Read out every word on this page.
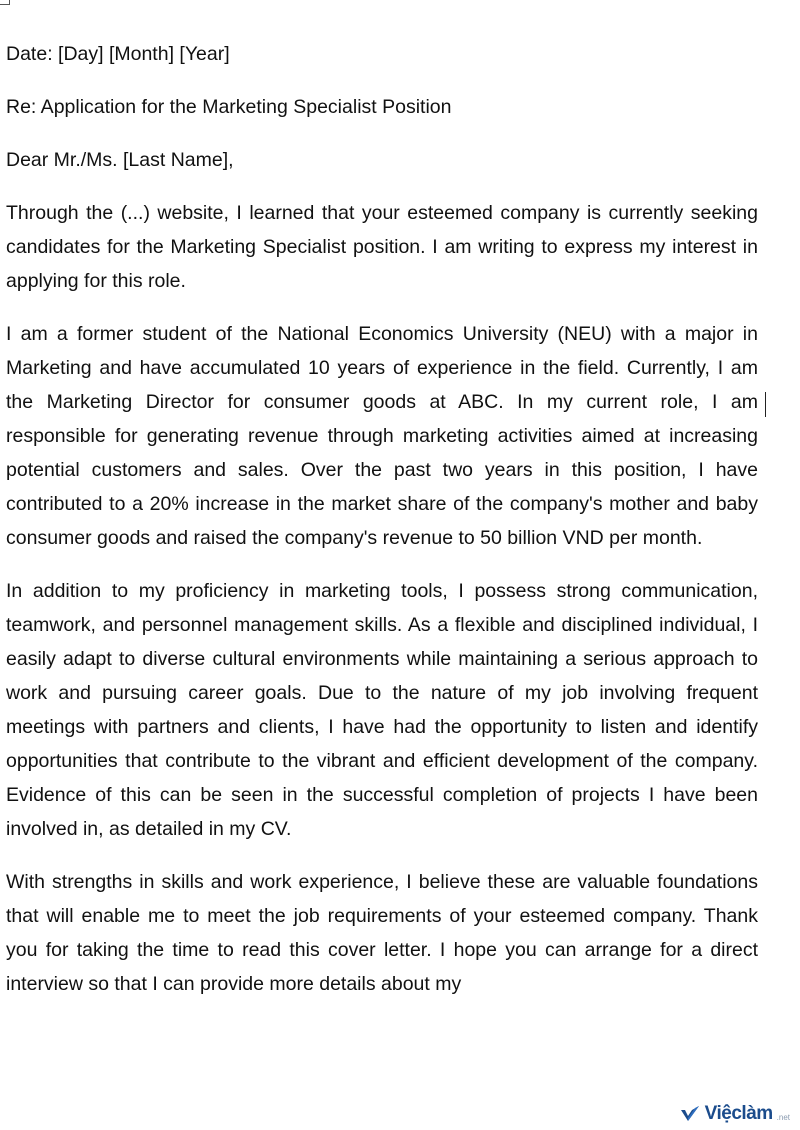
Date: [Day] [Month] [Year]

Re: Application for the Marketing Specialist Position

Dear Mr./Ms. [Last Name],

Through the (...) website, I learned that your esteemed company is currently seeking candidates for the Marketing Specialist position. I am writing to express my interest in applying for this role.

I am a former student of the National Economics University (NEU) with a major in Marketing and have accumulated 10 years of experience in the field. Currently, I am the Marketing Director for consumer goods at ABC. In my current role, I am responsible for generating revenue through marketing activities aimed at increasing potential customers and sales. Over the past two years in this position, I have contributed to a 20% increase in the market share of the company's mother and baby consumer goods and raised the company's revenue to 50 billion VND per month.

In addition to my proficiency in marketing tools, I possess strong communication, teamwork, and personnel management skills. As a flexible and disciplined individual, I easily adapt to diverse cultural environments while maintaining a serious approach to work and pursuing career goals. Due to the nature of my job involving frequent meetings with partners and clients, I have had the opportunity to listen and identify opportunities that contribute to the vibrant and efficient development of the company. Evidence of this can be seen in the successful completion of projects I have been involved in, as detailed in my CV.

With strengths in skills and work experience, I believe these are valuable foundations that will enable me to meet the job requirements of your esteemed company. Thank you for taking the time to read this cover letter. I hope you can arrange for a direct interview so that I can provide more details about my

Việclàm .net
